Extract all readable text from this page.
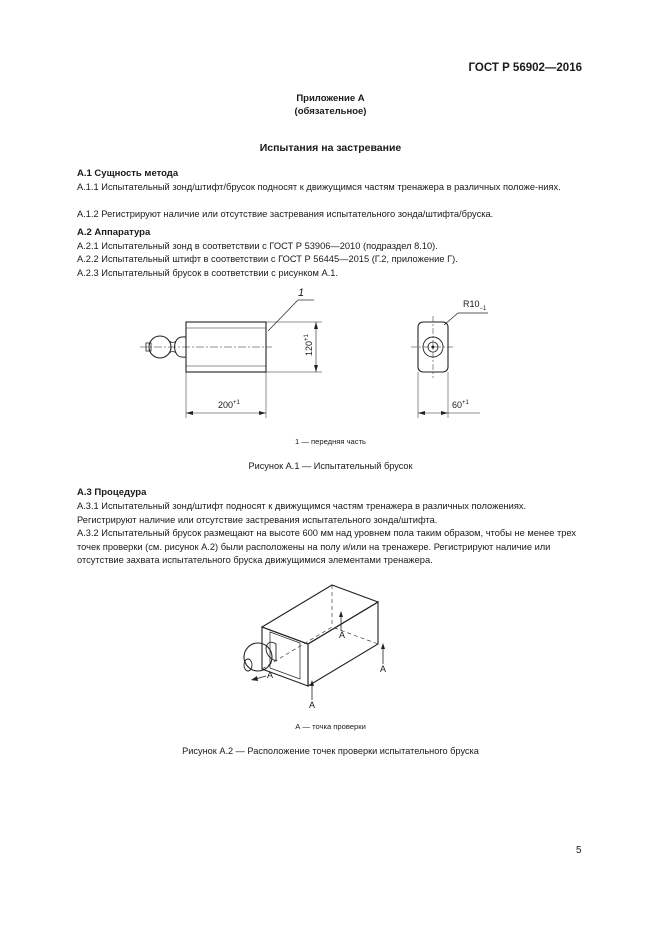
ГОСТ Р 56902—2016
Приложение А
(обязательное)
Испытания на застревание
А.1 Сущность метода
А.1.1 Испытательный зонд/штифт/брусок подносят к движущимся частям тренажера в различных положе-ниях.
А.1.2 Регистрируют наличие или отсутствие застревания испытательного зонда/штифта/бруска.
А.2 Аппаратура
А.2.1 Испытательный зонд в соответствии с ГОСТ Р 53906—2010 (подраздел 8.10).
А.2.2 Испытательный штифт в соответствии с ГОСТ Р 56445—2015 (Г.2, приложение Г).
А.2.3 Испытательный брусок в соответствии с рисунком А.1.
1
$200^{+1}$
$120^{+1}$
$60^{+1}$
$R10_{-1}$
1 — передняя часть
Рисунок А.1 — Испытательный брусок
А.3 Процедура
А.3.1 Испытательный зонд/штифт подносят к движущимся частям тренажера в различных положениях. Регистрируют наличие или отсутствие застревания испытательного зонда/штифта.
А.3.2 Испытательный брусок размещают на высоте 600 мм над уровнем пола таким образом, чтобы не менее трех точек проверки (см. рисунок А.2) были расположены на полу и/или на тренажере. Регистрируют наличие или отсутствие захвата испытательного бруска движущимися элементами тренажера.
A
A
A
A
А — точка проверки
Рисунок А.2 — Расположение точек проверки испытательного бруска
5
